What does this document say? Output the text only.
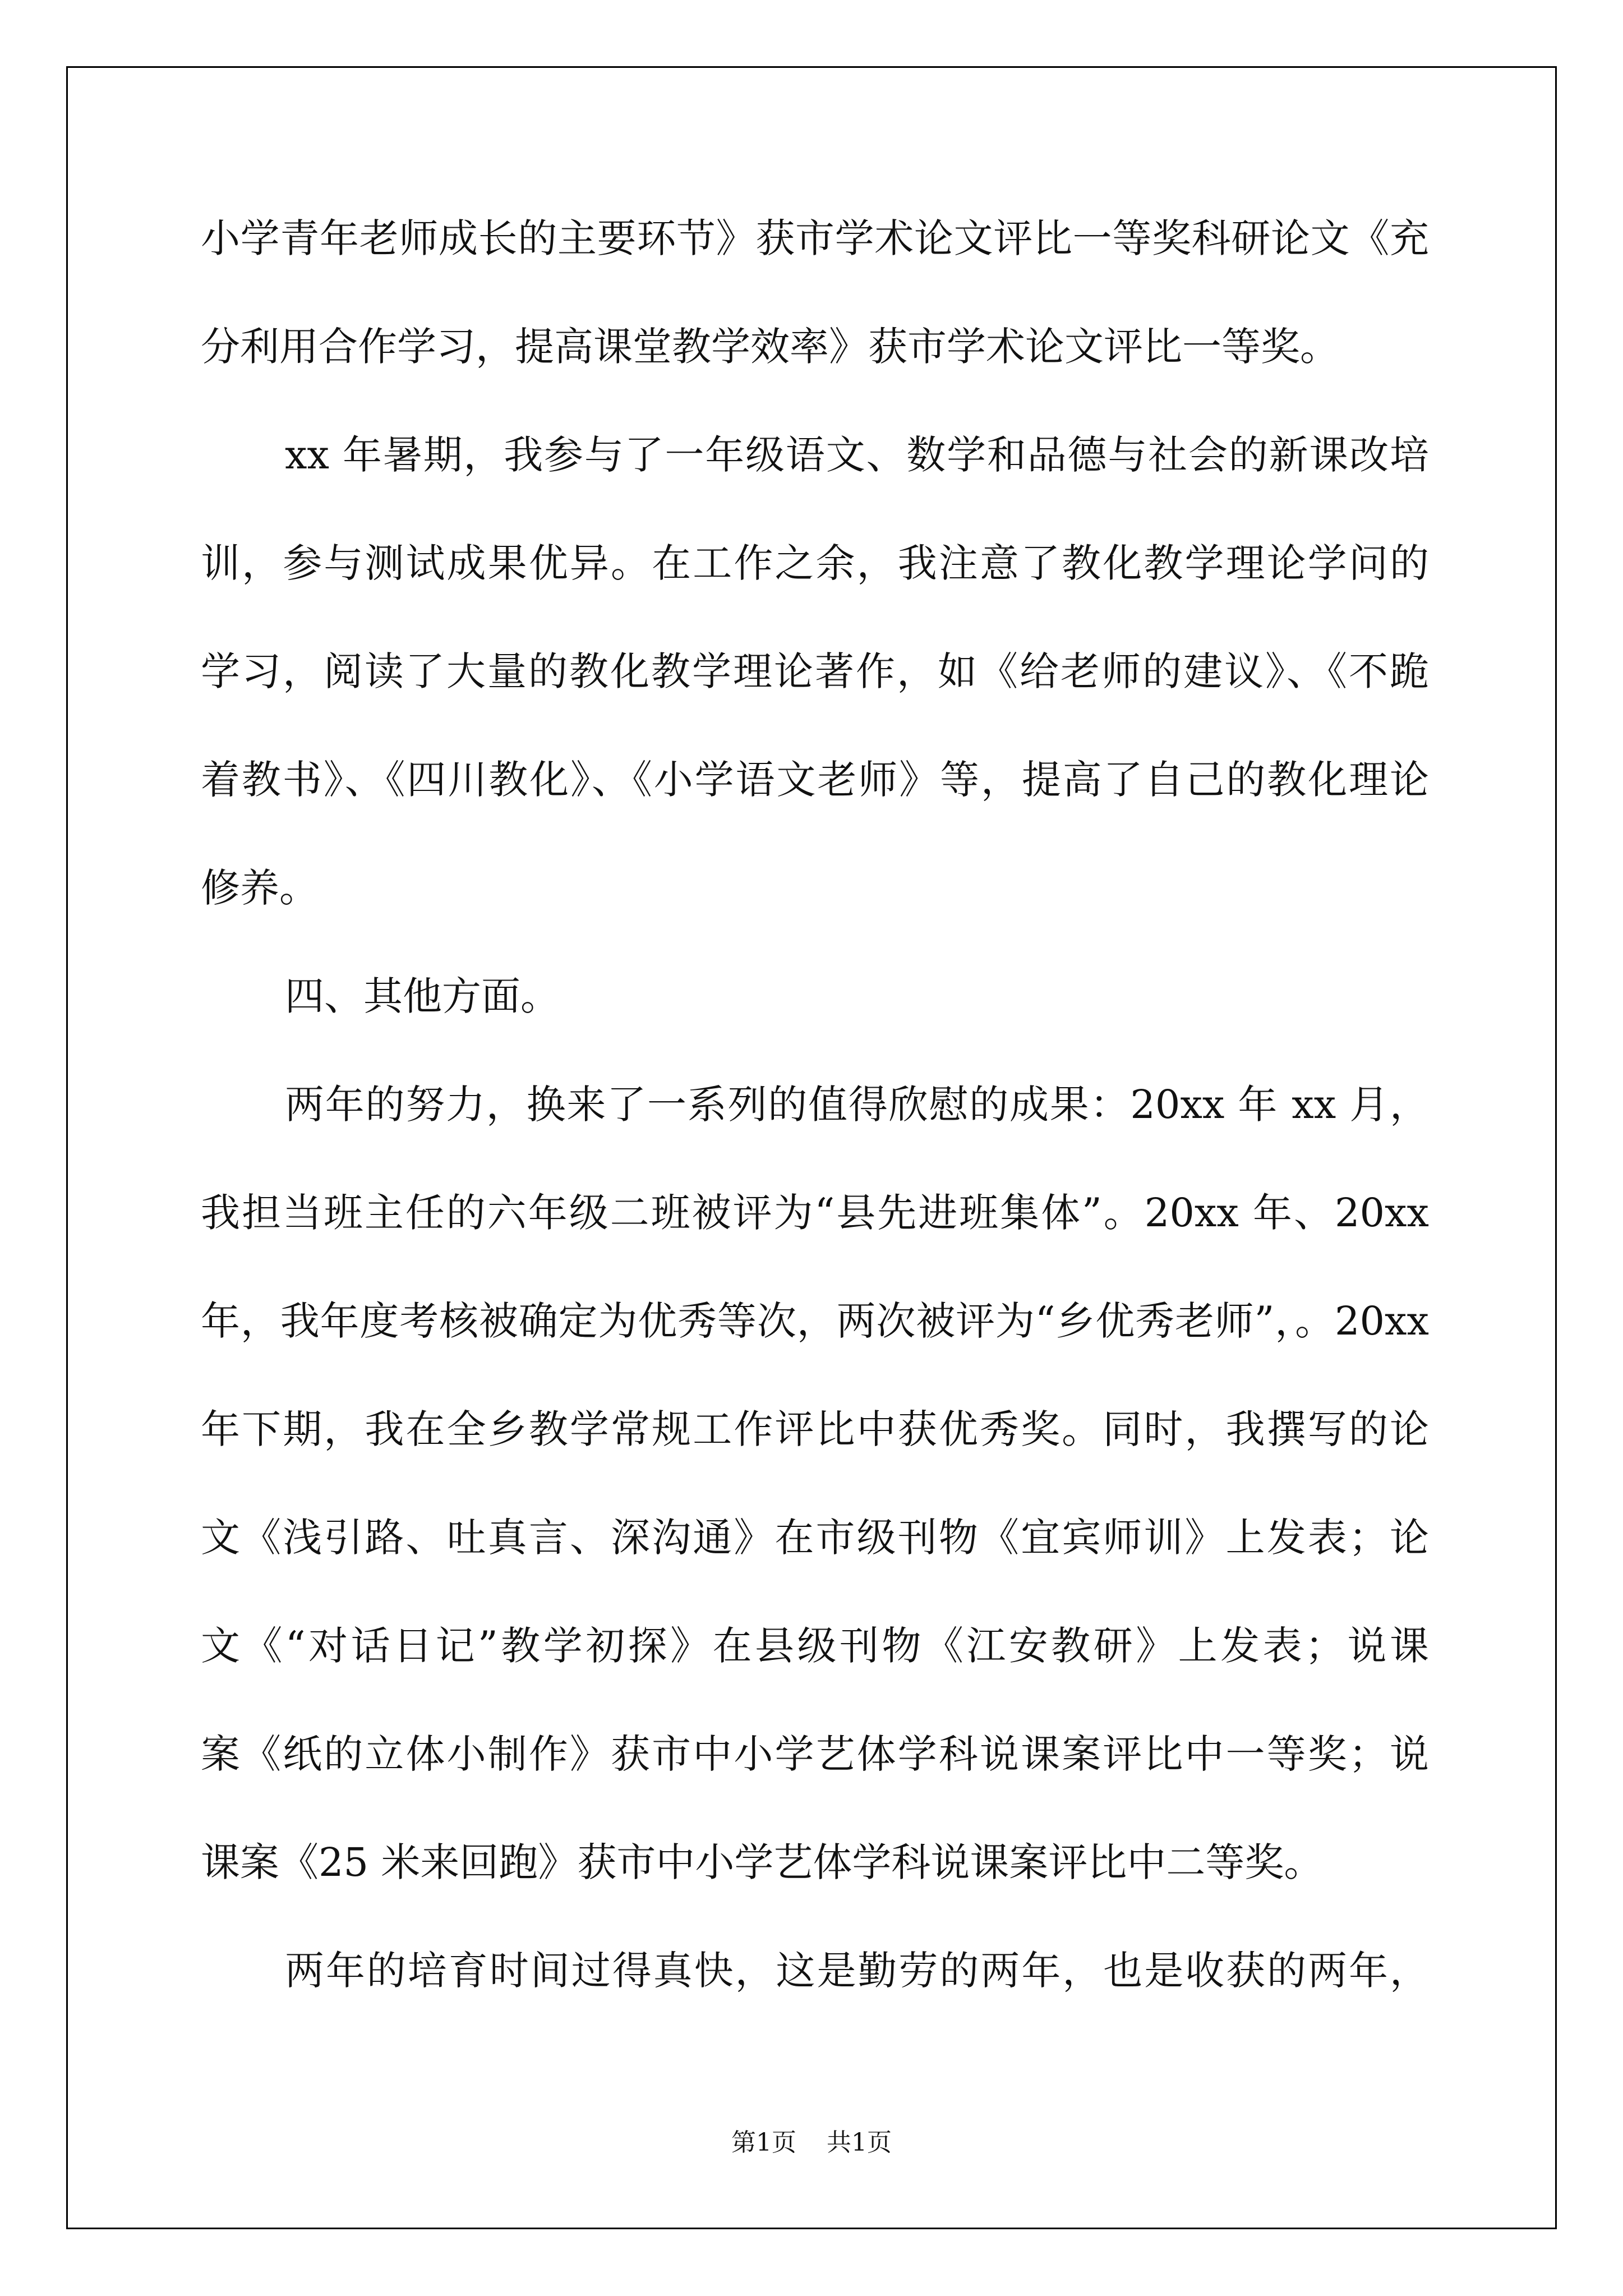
小学青年老师成长的主要环节》获市学术论文评比一等奖科研论文《充
分利用合作学习，提高课堂教学效率》获市学术论文评比一等奖。
xx 年暑期，我参与了一年级语文、数学和品德与社会的新课改培
训，参与测试成果优异。在工作之余，我注意了教化教学理论学问的
学习，阅读了大量的教化教学理论著作，如《给老师的建议》、《不跪
着教书》、《四川教化》、《小学语文老师》等，提高了自己的教化理论
修养。
四、其他方面。
两年的努力，换来了一系列的值得欣慰的成果：20xx 年 xx 月，
我担当班主任的六年级二班被评为“县先进班集体”。20xx 年、20xx
年，我年度考核被确定为优秀等次，两次被评为“乡优秀老师”，。20xx
年下期，我在全乡教学常规工作评比中获优秀奖。同时，我撰写的论
文《浅引路、吐真言、深沟通》在市级刊物《宜宾师训》上发表；论
文《“对话日记”教学初探》在县级刊物《江安教研》上发表；说课
案《纸的立体小制作》获市中小学艺体学科说课案评比中一等奖；说
课案《25 米来回跑》获市中小学艺体学科说课案评比中二等奖。
两年的培育时间过得真快，这是勤劳的两年，也是收获的两年，
第1页 共1页
